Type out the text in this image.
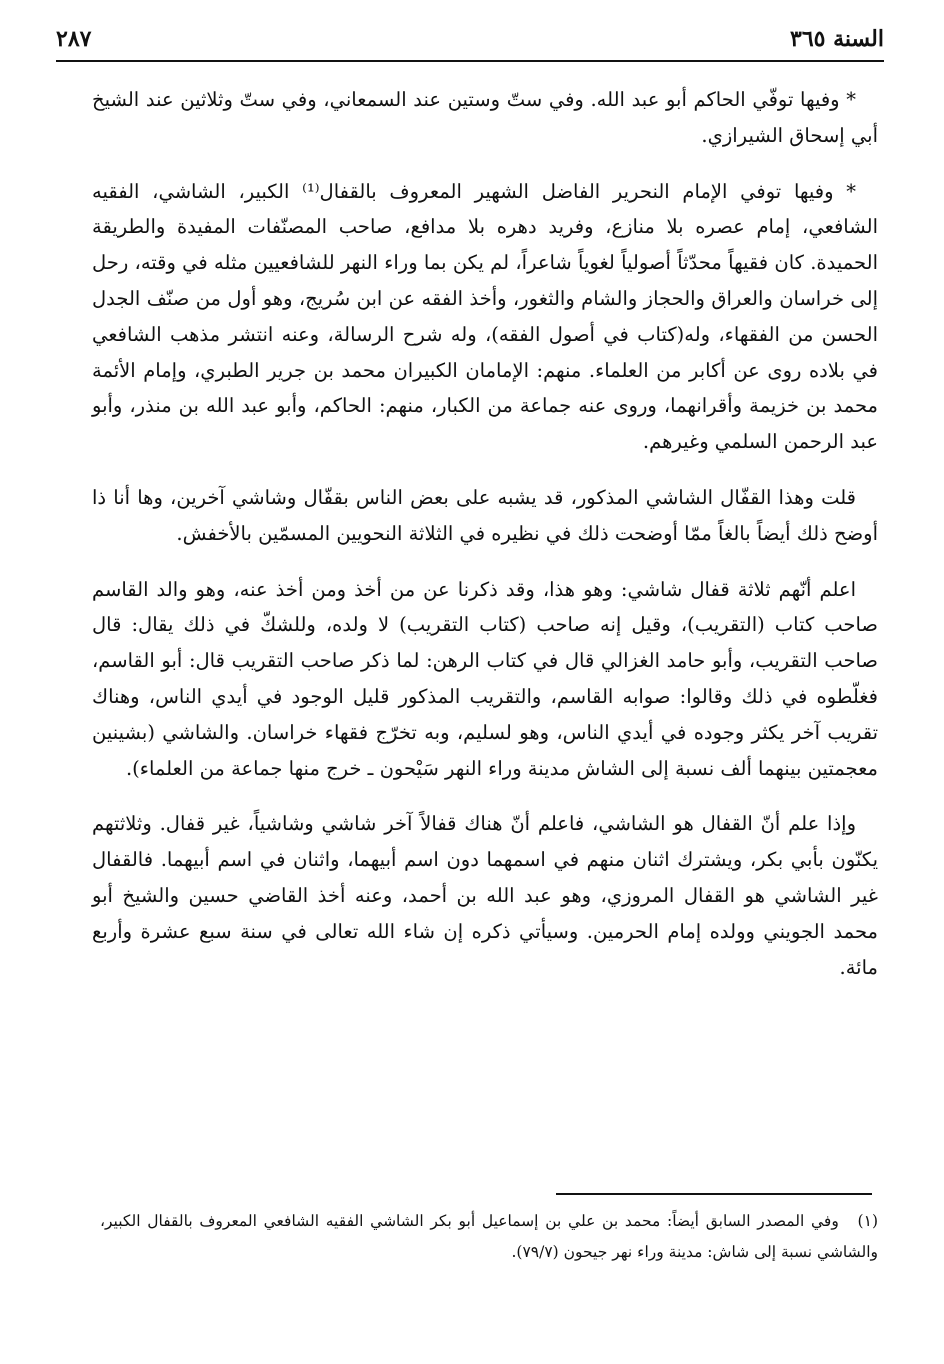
السنة ٣٦٥
٢٨٧

* وفيها توفّي الحاكم أبو عبد الله. وفي ستّ وستين عند السمعاني، وفي ستّ وثلاثين عند الشيخ أبي إسحاق الشيرازي.

* وفيها توفي الإمام النحرير الفاضل الشهير المعروف بالقفال⁽¹⁾ الكبير، الشاشي، الفقيه الشافعي، إمام عصره بلا منازع، وفريد دهره بلا مدافع، صاحب المصنّفات المفيدة والطريقة الحميدة. كان فقيهاً محدّثاً أصولياً لغوياً شاعراً، لم يكن بما وراء النهر للشافعيين مثله في وقته، رحل إلى خراسان والعراق والحجاز والشام والثغور، وأخذ الفقه عن ابن سُريج، وهو أول من صنّف الجدل الحسن من الفقهاء، وله(كتاب في أصول الفقه)، وله شرح الرسالة، وعنه انتشر مذهب الشافعي في بلاده روى عن أكابر من العلماء. منهم: الإمامان الكبيران محمد بن جرير الطبري، وإمام الأئمة محمد بن خزيمة وأقرانهما، وروى عنه جماعة من الكبار، منهم: الحاكم، وأبو عبد الله بن منذر، وأبو عبد الرحمن السلمي وغيرهم.

قلت وهذا القفّال الشاشي المذكور، قد يشبه على بعض الناس بقفّال وشاشي آخرين، وها أنا ذا أوضح ذلك أيضاً بالغاً ممّا أوضحت ذلك في نظيره في الثلاثة النحويين المسمّين بالأخفش.

اعلم أنّهم ثلاثة قفال شاشي: وهو هذا، وقد ذكرنا عن من أخذ ومن أخذ عنه، وهو والد القاسم صاحب كتاب (التقريب)، وقيل إنه صاحب (كتاب التقريب) لا ولده، وللشكّ في ذلك يقال: قال صاحب التقريب، وأبو حامد الغزالي قال في كتاب الرهن: لما ذكر صاحب التقريب قال: أبو القاسم، فغلّطوه في ذلك وقالوا: صوابه القاسم، والتقريب المذكور قليل الوجود في أيدي الناس، وهناك تقريب آخر يكثر وجوده في أيدي الناس، وهو لسليم، وبه تخرّج فقهاء خراسان. والشاشي (بشينين معجمتين بينهما ألف نسبة إلى الشاش مدينة وراء النهر سَيْحون ـ خرج منها جماعة من العلماء).

وإذا علم أنّ القفال هو الشاشي، فاعلم أنّ هناك قفالاً آخر شاشي وشاشياً، غير قفال. وثلاثتهم يكنّون بأبي بكر، ويشترك اثنان منهم في اسمهما دون اسم أبيهما، واثنان في اسم أبيهما. فالقفال غير الشاشي هو القفال المروزي، وهو عبد الله بن أحمد، وعنه أخذ القاضي حسين والشيخ أبو محمد الجويني وولده إمام الحرمين. وسيأتي ذكره إن شاء الله تعالى في سنة سبع عشرة وأربع مائة.

(١) وفي المصدر السابق أيضاً: محمد بن علي بن إسماعيل أبو بكر الشاشي الفقيه الشافعي المعروف بالقفال الكبير، والشاشي نسبة إلى شاش: مدينة وراء نهر جيحون (٧٩/٧).
